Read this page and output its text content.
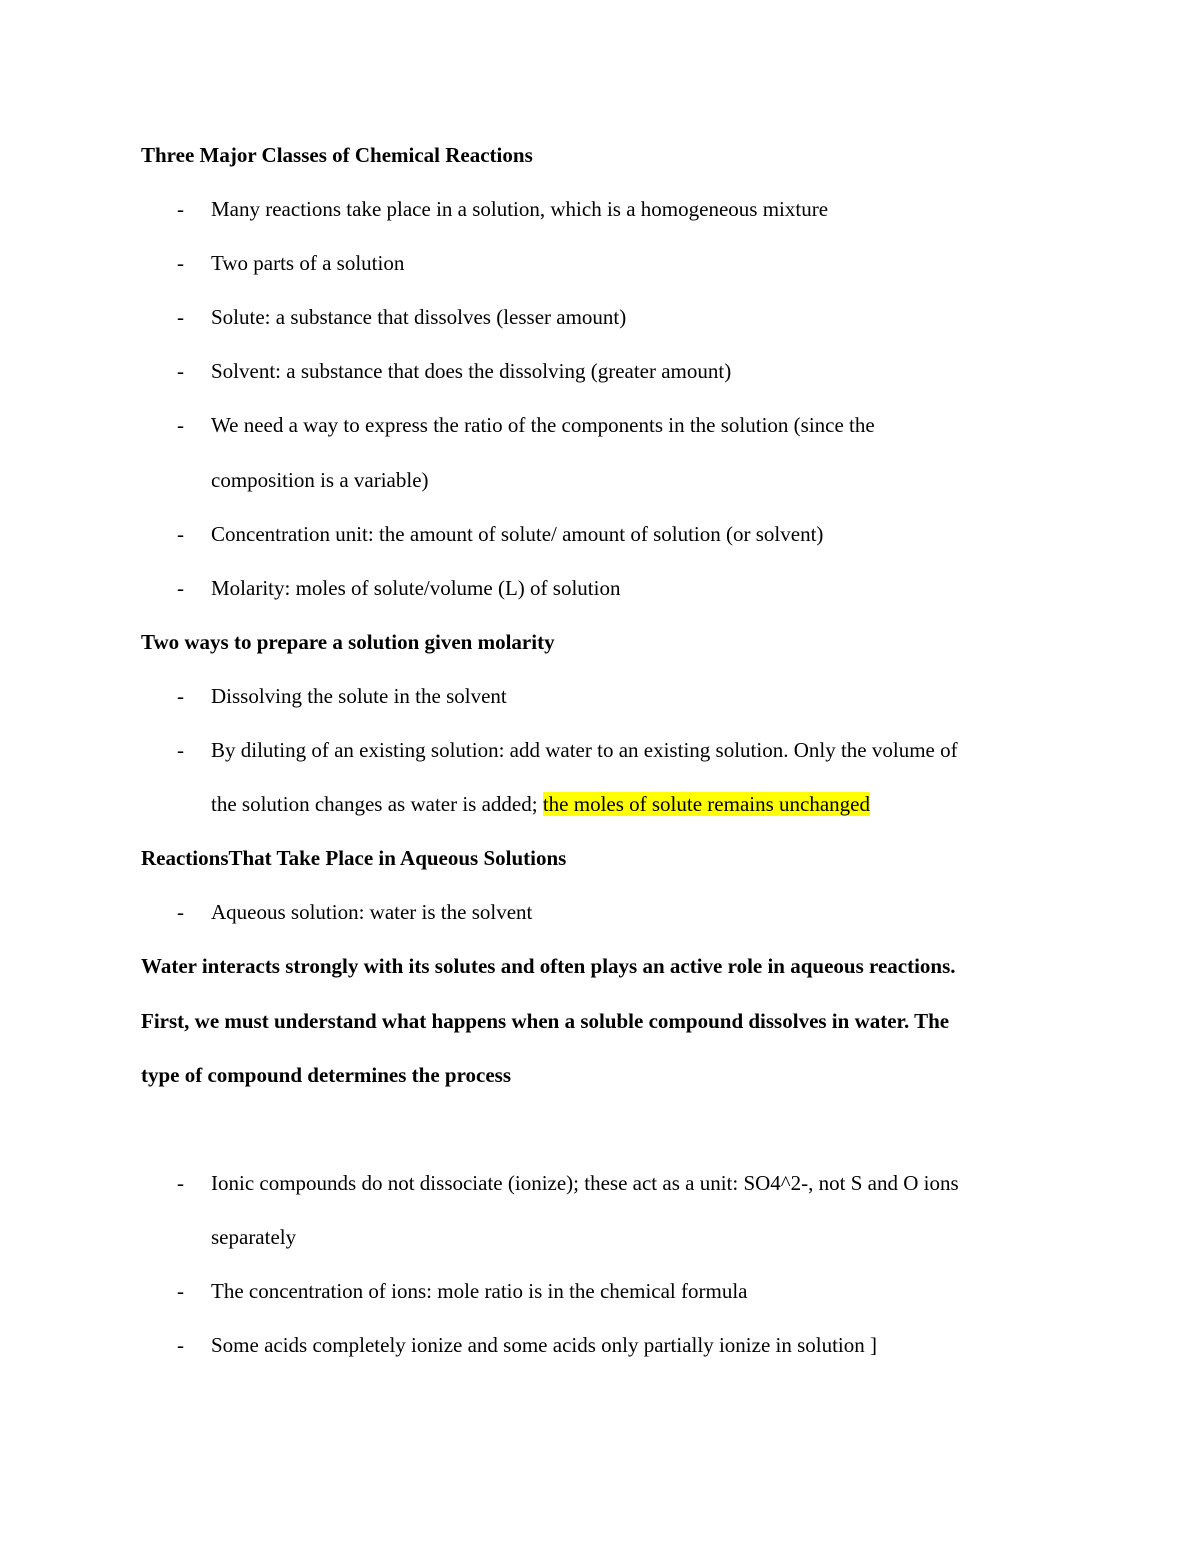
Three Major Classes of Chemical Reactions
- Many reactions take place in a solution, which is a homogeneous mixture
- Two parts of a solution
- Solute: a substance that dissolves (lesser amount)
- Solvent: a substance that does the dissolving (greater amount)
- We need a way to express the ratio of the components in the solution (since the
composition is a variable)
- Concentration unit: the amount of solute/ amount of solution (or solvent)
- Molarity: moles of solute/volume (L) of solution
Two ways to prepare a solution given molarity
- Dissolving the solute in the solvent
- By diluting of an existing solution: add water to an existing solution. Only the volume of
the solution changes as water is added; the moles of solute remains unchanged
ReactionsThat Take Place in Aqueous Solutions
- Aqueous solution: water is the solvent
Water interacts strongly with its solutes and often plays an active role in aqueous reactions.
First, we must understand what happens when a soluble compound dissolves in water. The
type of compound determines the process
- Ionic compounds do not dissociate (ionize); these act as a unit: SO4^2-, not S and O ions
separately
- The concentration of ions: mole ratio is in the chemical formula
- Some acids completely ionize and some acids only partially ionize in solution ]
